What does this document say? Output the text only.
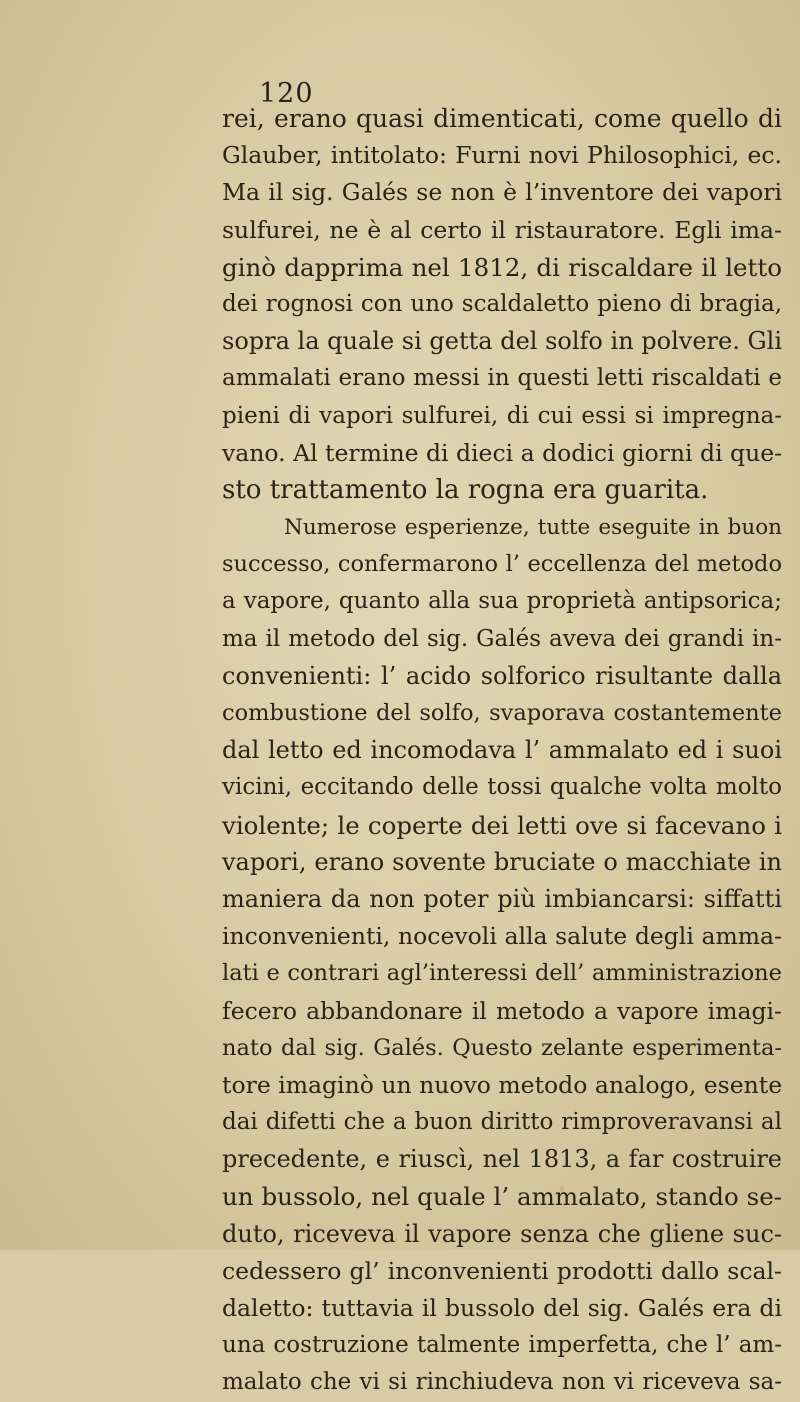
120
rei, erano quasi dimenticati, come quello di
Glauber, intitolato: Furni novi Philosophici, ec.
Ma il sig. Galés se non è l’inventore dei vapori
sulfurei, ne è al certo il ristauratore. Egli ima-
ginò dapprima nel 1812, di riscaldare il letto
dei rognosi con uno scaldaletto pieno di bragia,
sopra la quale si getta del solfo in polvere. Gli
ammalati erano messi in questi letti riscaldati e
pieni di vapori sulfurei, di cui essi si impregna-
vano. Al termine di dieci a dodici giorni di que-
sto trattamento la rogna era guarita.
Numerose esperienze, tutte eseguite in buon
successo, confermarono l’ eccellenza del metodo
a vapore, quanto alla sua proprietà antipsorica;
ma il metodo del sig. Galés aveva dei grandi in-
convenienti: l’ acido solforico risultante dalla
combustione del solfo, svaporava costantemente
dal letto ed incomodava l’ ammalato ed i suoi
vicini, eccitando delle tossi qualche volta molto
violente; le coperte dei letti ove si facevano i
vapori, erano sovente bruciate o macchiate in
maniera da non poter più imbiancarsi: siffatti
inconvenienti, nocevoli alla salute degli amma-
lati e contrari agl’interessi dell’ amministrazione
fecero abbandonare il metodo a vapore imagi-
nato dal sig. Galés. Questo zelante esperimenta-
tore imaginò un nuovo metodo analogo, esente
dai difetti che a buon diritto rimproveravansi al
precedente, e riuscì, nel 1813, a far costruire
un bussolo, nel quale l’ ammalato, stando se-
duto, riceveva il vapore senza che gliene suc-
cedessero gl’ inconvenienti prodotti dallo scal-
daletto: tuttavia il bussolo del sig. Galés era di
una costruzione talmente imperfetta, che l’ am-
malato che vi si rinchiudeva non vi riceveva sa-
